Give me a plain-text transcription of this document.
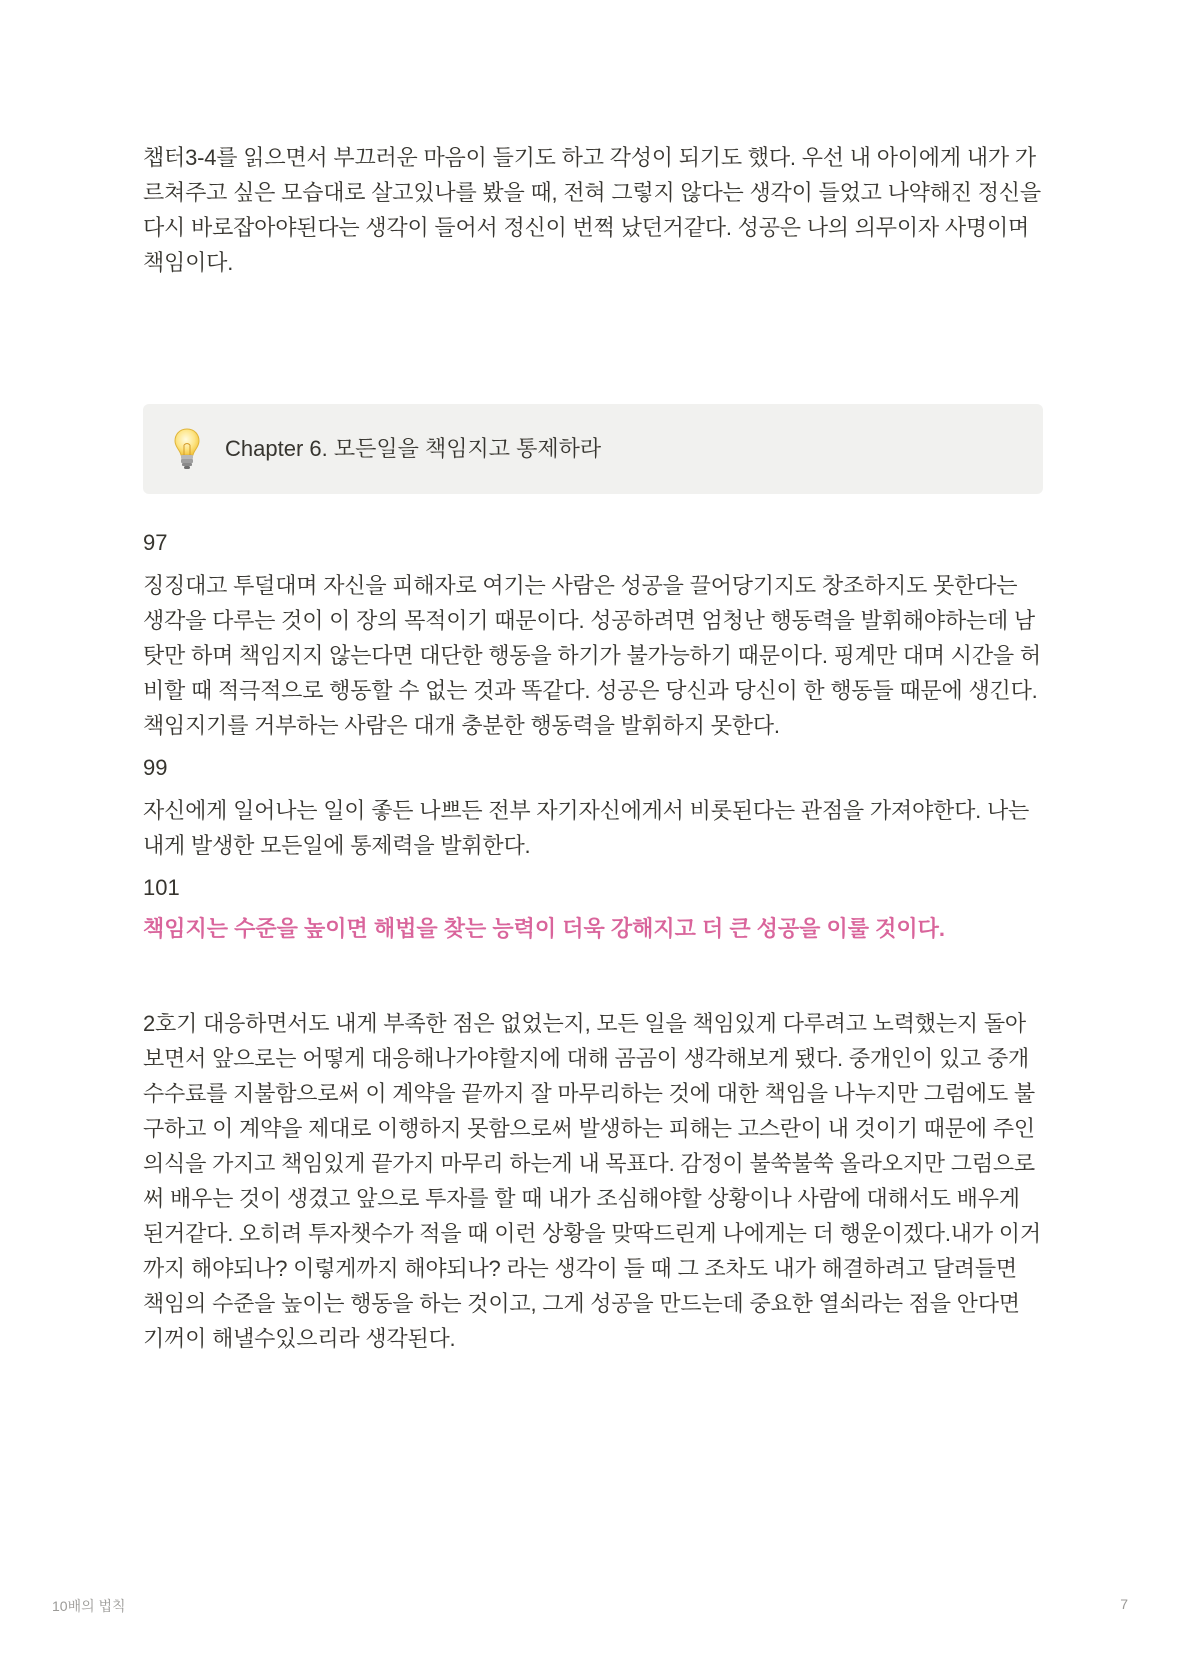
챕터3-4를 읽으면서 부끄러운 마음이 들기도 하고 각성이 되기도 했다. 우선 내 아이에게 내가 가르쳐주고 싶은 모습대로 살고있나를 봤을 때, 전혀 그렇지 않다는 생각이 들었고 나약해진 정신을 다시 바로잡아야된다는 생각이 들어서 정신이 번쩍 났던거같다. 성공은 나의 의무이자 사명이며 책임이다.

Chapter 6. 모든일을 책임지고 통제하라

97

징징대고 투덜대며 자신을 피해자로 여기는 사람은 성공을 끌어당기지도 창조하지도 못한다는 생각을 다루는 것이 이 장의 목적이기 때문이다. 성공하려면 엄청난 행동력을 발휘해야하는데 남탓만 하며 책임지지 않는다면 대단한 행동을 하기가 불가능하기 때문이다. 핑계만 대며 시간을 허비할 때 적극적으로 행동할 수 없는 것과 똑같다. 성공은 당신과 당신이 한 행동들 때문에 생긴다. 책임지기를 거부하는 사람은 대개 충분한 행동력을 발휘하지 못한다.

99

자신에게 일어나는 일이 좋든 나쁘든 전부 자기자신에게서 비롯된다는 관점을 가져야한다. 나는 내게 발생한 모든일에 통제력을 발휘한다.

101

책임지는 수준을 높이면 해법을 찾는 능력이 더욱 강해지고 더 큰 성공을 이룰 것이다.

2호기 대응하면서도 내게 부족한 점은 없었는지, 모든 일을 책임있게 다루려고 노력했는지 돌아보면서 앞으로는 어떻게 대응해나가야할지에 대해 곰곰이 생각해보게 됐다. 중개인이 있고 중개수수료를 지불함으로써 이 계약을 끝까지 잘 마무리하는 것에 대한 책임을 나누지만 그럼에도 불구하고 이 계약을 제대로 이행하지 못함으로써 발생하는 피해는 고스란이 내 것이기 때문에 주인의식을 가지고 책임있게 끝가지 마무리 하는게 내 목표다. 감정이 불쑥불쑥 올라오지만 그럼으로써 배우는 것이 생겼고 앞으로 투자를 할 때 내가 조심해야할 상황이나 사람에 대해서도 배우게 된거같다. 오히려 투자챗수가 적을 때 이런 상황을 맞딱드린게 나에게는 더 행운이겠다.내가 이거까지 해야되나? 이렇게까지 해야되나? 라는 생각이 들 때 그 조차도 내가 해결하려고 달려들면 책임의 수준을 높이는 행동을 하는 것이고, 그게 성공을 만드는데 중요한 열쇠라는 점을 안다면 기꺼이 해낼수있으리라 생각된다.

10배의 법칙	7
